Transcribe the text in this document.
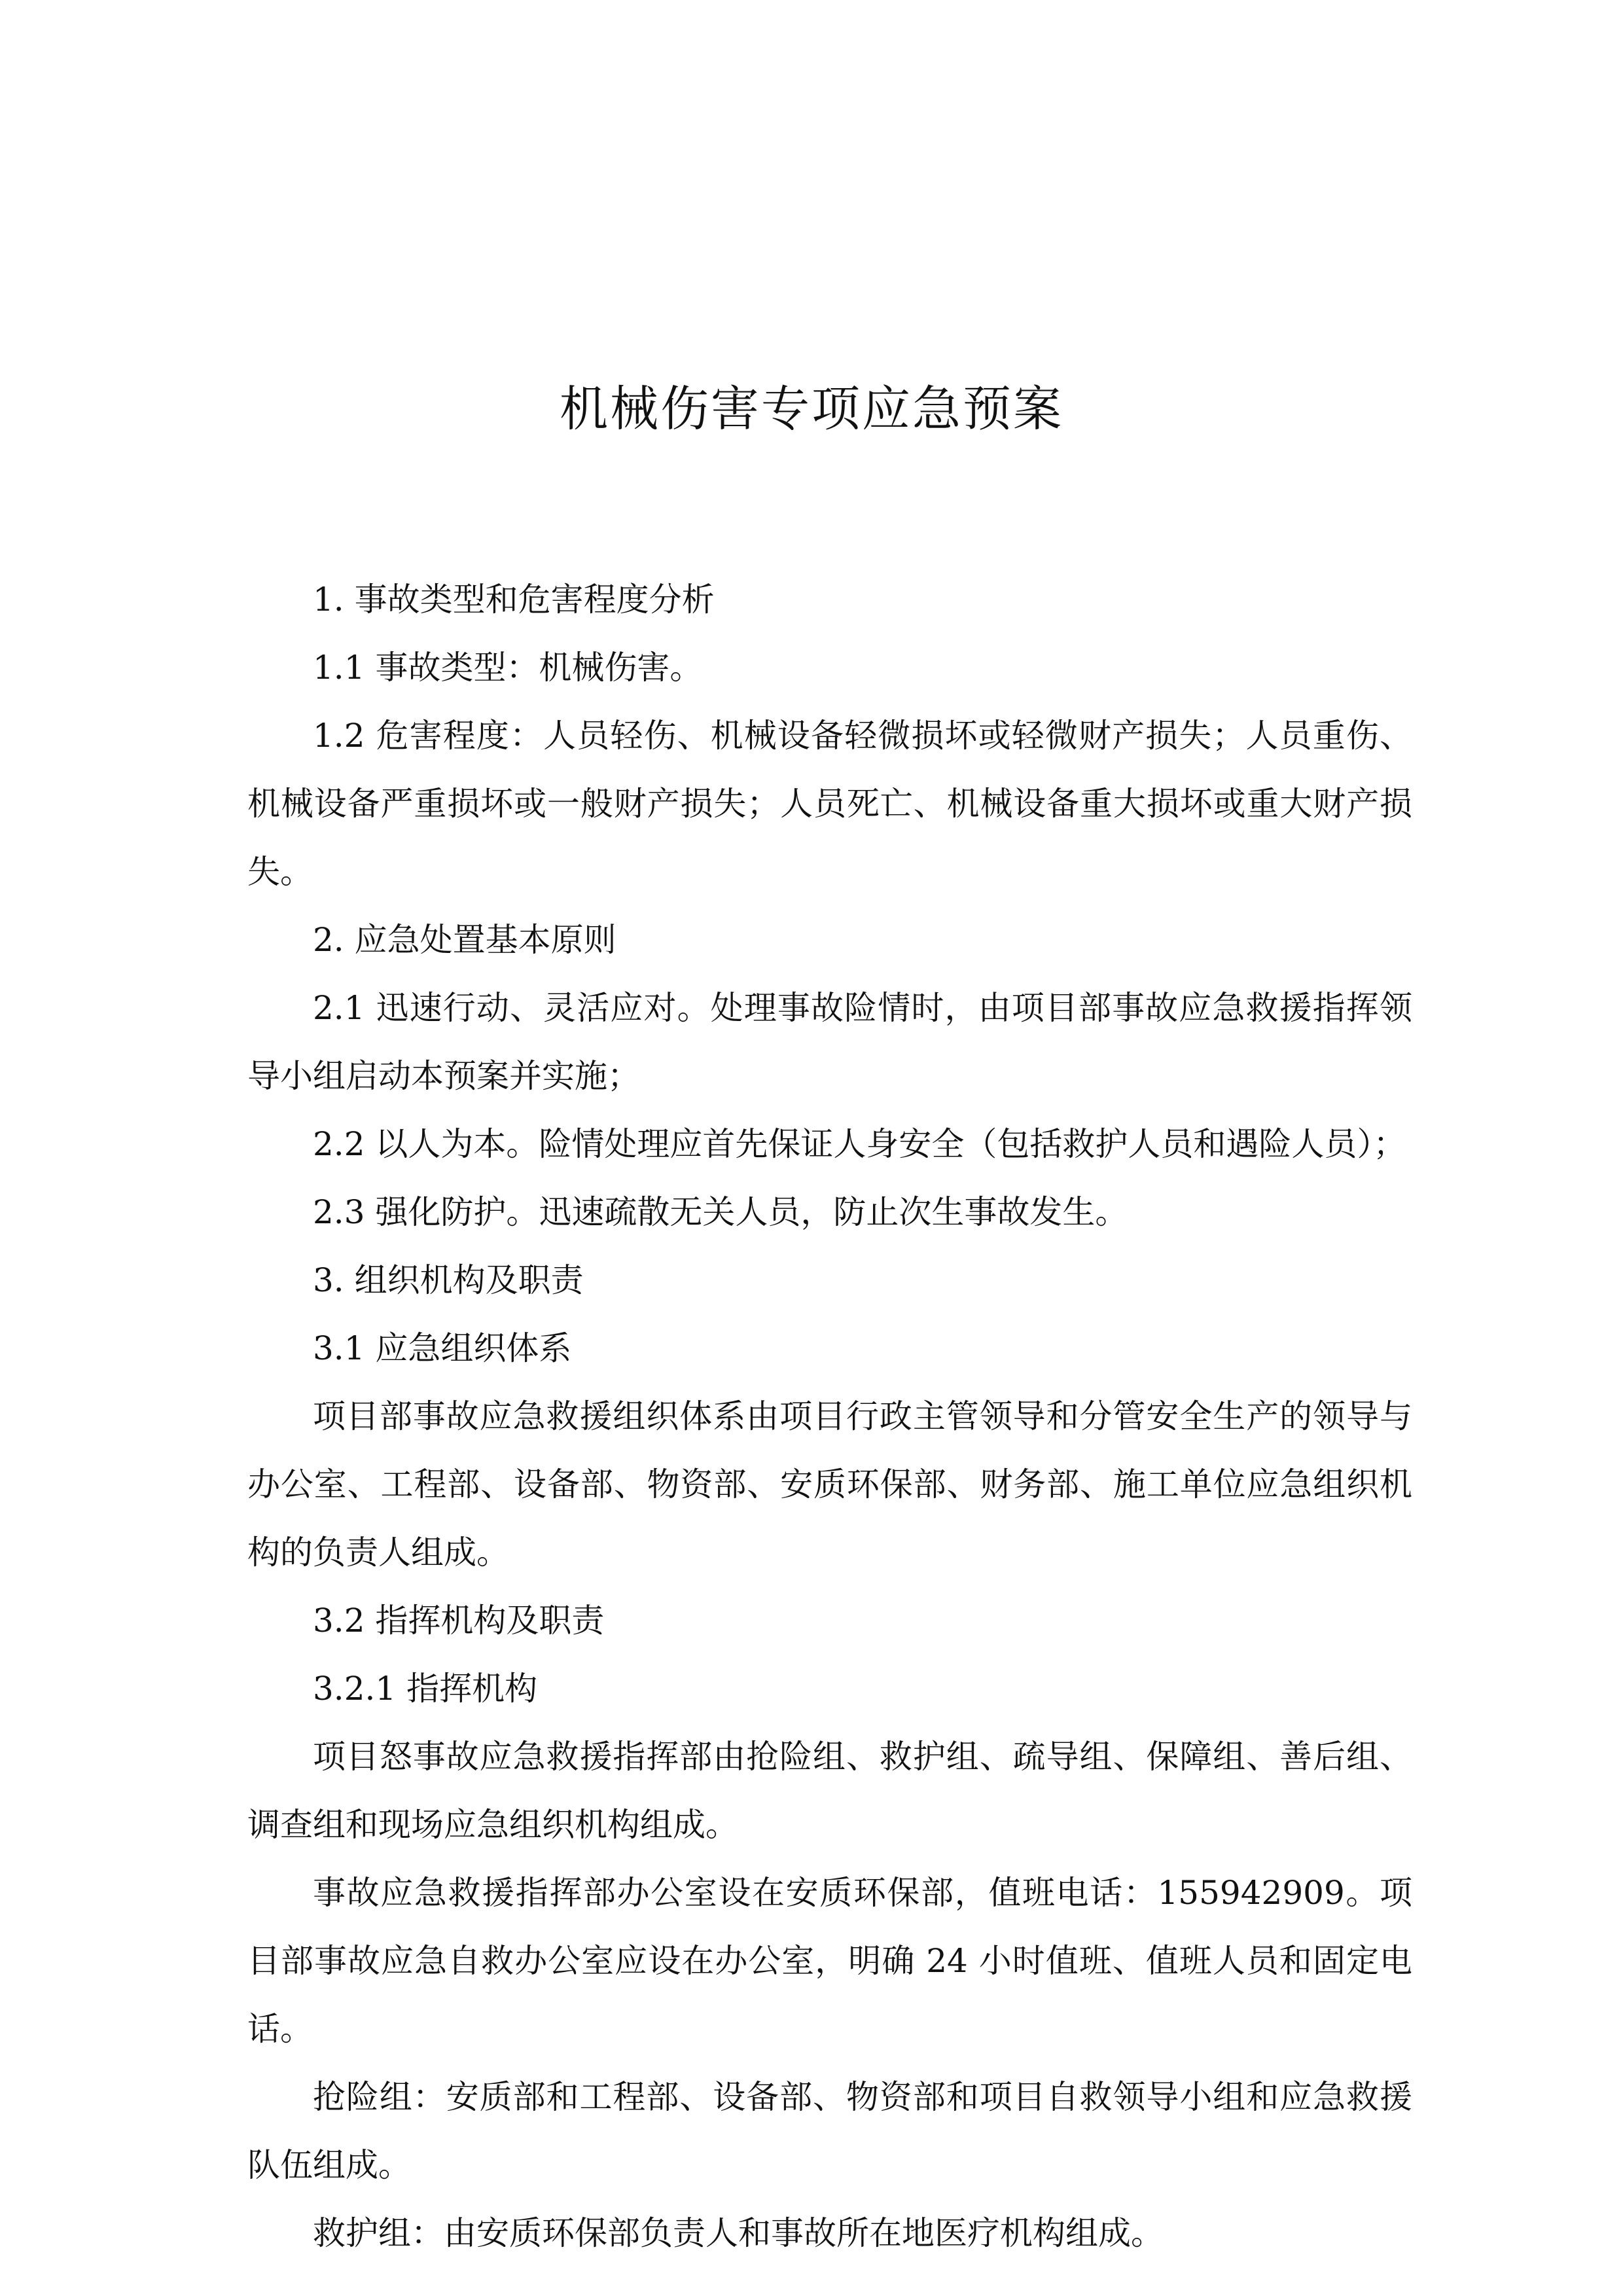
机械伤害专项应急预案

1. 事故类型和危害程度分析

1.1 事故类型：机械伤害。

1.2 危害程度：人员轻伤、机械设备轻微损坏或轻微财产损失；人员重伤、机械设备严重损坏或一般财产损失；人员死亡、机械设备重大损坏或重大财产损失。

2. 应急处置基本原则

2.1 迅速行动、灵活应对。处理事故险情时，由项目部事故应急救援指挥领导小组启动本预案并实施；

2.2 以人为本。险情处理应首先保证人身安全（包括救护人员和遇险人员）；

2.3 强化防护。迅速疏散无关人员，防止次生事故发生。

3. 组织机构及职责

3.1 应急组织体系

项目部事故应急救援组织体系由项目行政主管领导和分管安全生产的领导与办公室、工程部、设备部、物资部、安质环保部、财务部、施工单位应急组织机构的负责人组成。

3.2 指挥机构及职责

3.2.1 指挥机构

项目怒事故应急救援指挥部由抢险组、救护组、疏导组、保障组、善后组、调查组和现场应急组织机构组成。

事故应急救援指挥部办公室设在安质环保部，值班电话：155942909。项目部事故应急自救办公室应设在办公室，明确 24 小时值班、值班人员和固定电话。

抢险组：安质部和工程部、设备部、物资部和项目自救领导小组和应急救援队伍组成。

救护组：由安质环保部负责人和事故所在地医疗机构组成。
